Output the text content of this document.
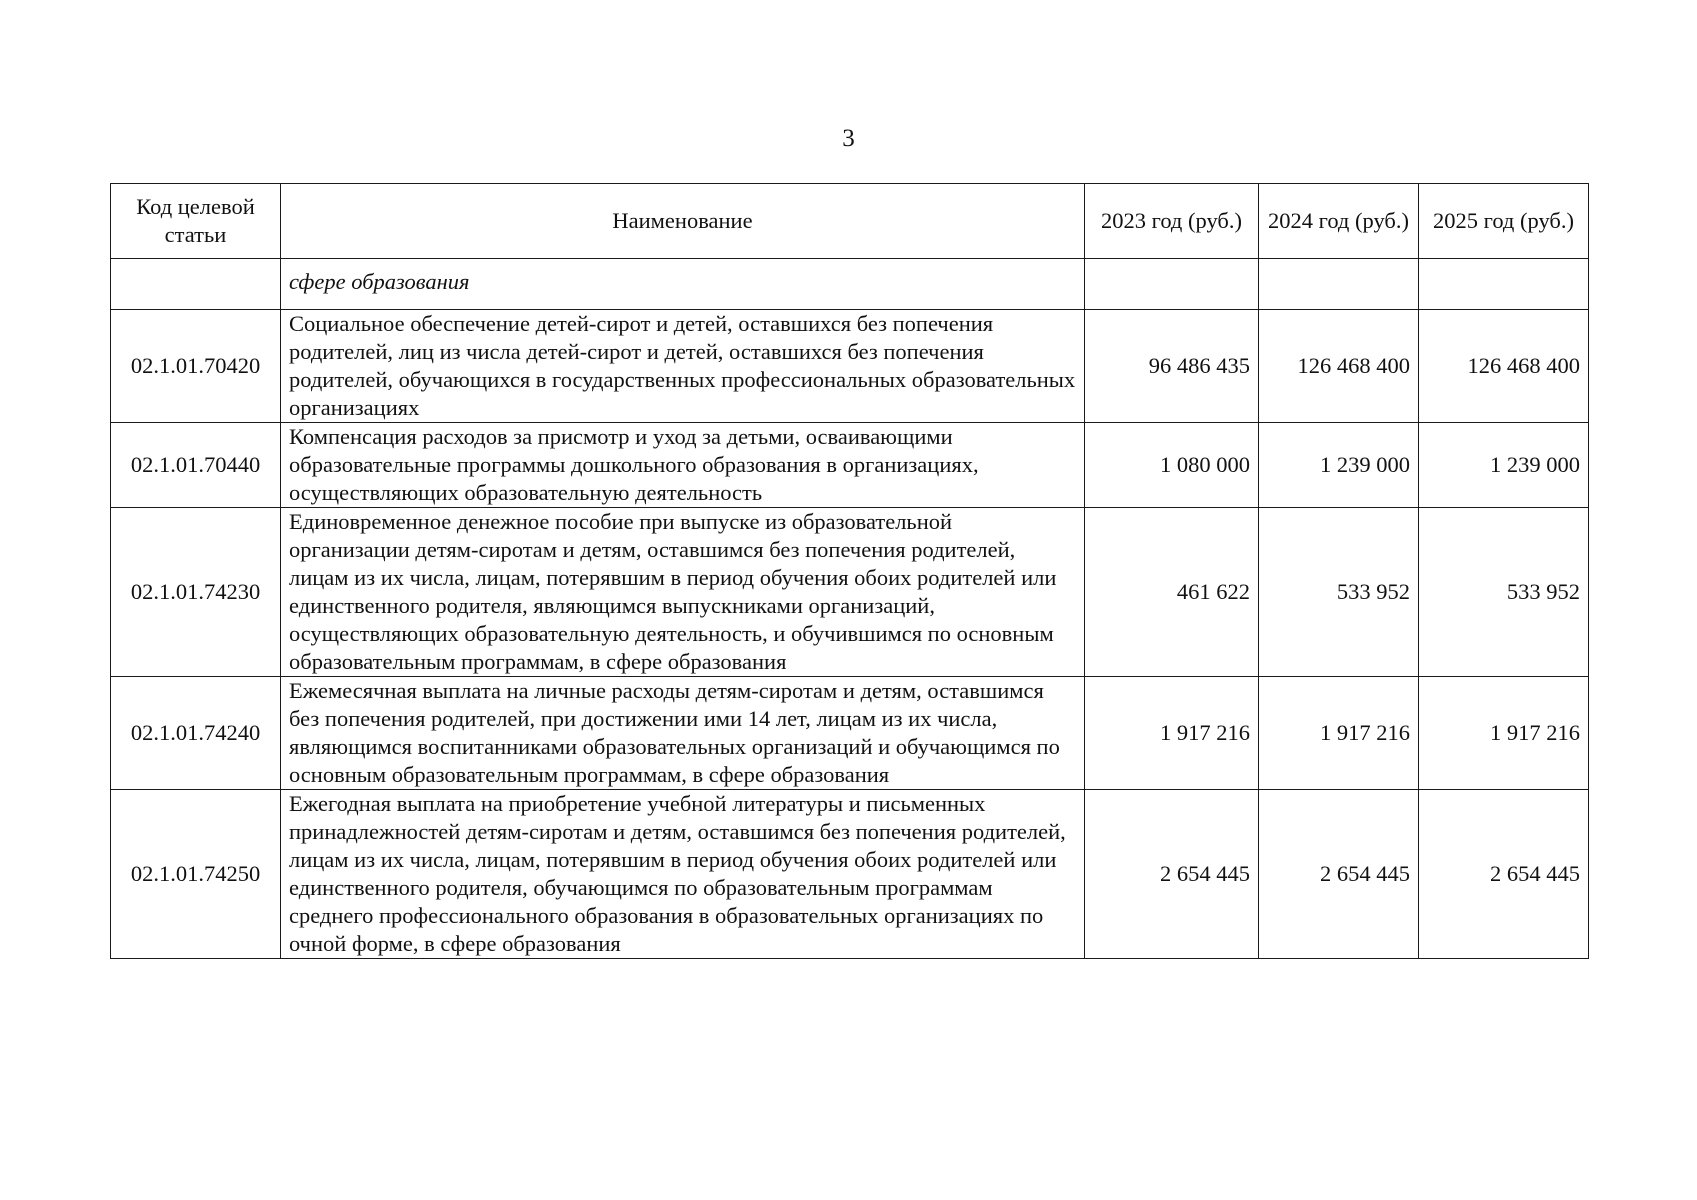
3
Код целевой статьи	Наименование	2023 год (руб.)	2024 год (руб.)	2025 год (руб.)
	сфере образования			
02.1.01.70420	Социальное обеспечение детей-сирот и детей, оставшихся без попечения родителей, лиц из числа детей-сирот и детей, оставшихся без попечения родителей, обучающихся в государственных профессиональных образовательных организациях	96 486 435	126 468 400	126 468 400
02.1.01.70440	Компенсация расходов за присмотр и уход за детьми, осваивающими образовательные программы дошкольного образования в организациях, осуществляющих образовательную деятельность	1 080 000	1 239 000	1 239 000
02.1.01.74230	Единовременное денежное пособие при выпуске из образовательной организации детям-сиротам и детям, оставшимся без попечения родителей, лицам из их числа, лицам, потерявшим в период обучения обоих родителей или единственного родителя, являющимся выпускниками организаций, осуществляющих образовательную деятельность, и обучившимся по основным образовательным программам, в сфере образования	461 622	533 952	533 952
02.1.01.74240	Ежемесячная выплата на личные расходы детям-сиротам и детям, оставшимся без попечения родителей, при достижении ими 14 лет, лицам из их числа, являющимся воспитанниками образовательных организаций и обучающимся по основным образовательным программам, в сфере образования	1 917 216	1 917 216	1 917 216
02.1.01.74250	Ежегодная выплата на приобретение учебной литературы и письменных принадлежностей детям-сиротам и детям, оставшимся без попечения родителей, лицам из их числа, лицам, потерявшим в период обучения обоих родителей или единственного родителя, обучающимся по образовательным программам среднего профессионального образования в образовательных организациях по очной форме, в сфере образования	2 654 445	2 654 445	2 654 445
